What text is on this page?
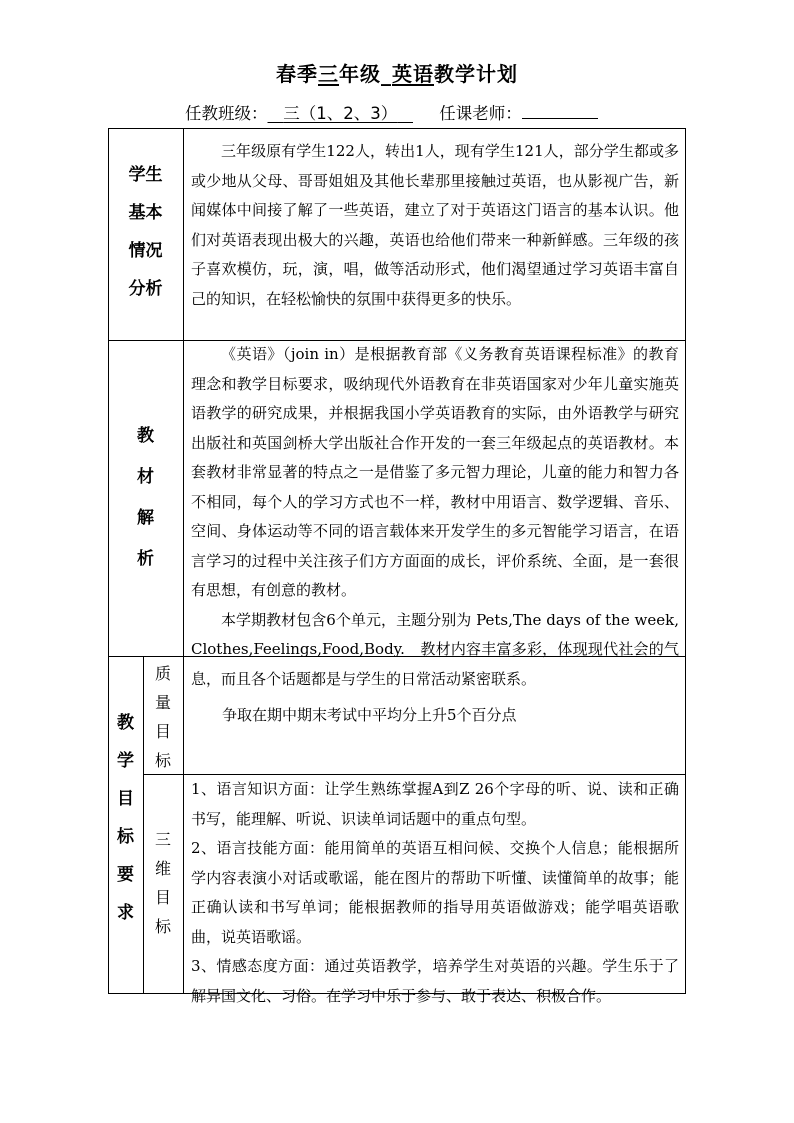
春季三年级_英语教学计划
任教班级： 三（1、2、3）	任课老师：
学生
基本
情况
分析

三年级原有学生122人，转出1人，现有学生121人，部分学生都或多或少地从父母、哥哥姐姐及其他长辈那里接触过英语，也从影视广告，新闻媒体中间接了解了一些英语，建立了对于英语这门语言的基本认识。他们对英语表现出极大的兴趣，英语也给他们带来一种新鲜感。三年级的孩子喜欢模仿，玩，演，唱，做等活动形式，他们渴望通过学习英语丰富自己的知识，在轻松愉快的氛围中获得更多的快乐。

教
材
解
析

《英语》（join in）是根据教育部《义务教育英语课程标准》的教育理念和教学目标要求，吸纳现代外语教育在非英语国家对少年儿童实施英语教学的研究成果，并根据我国小学英语教育的实际，由外语教学与研究出版社和英国剑桥大学出版社合作开发的一套三年级起点的英语教材。本套教材非常显著的特点之一是借鉴了多元智力理论，儿童的能力和智力各不相同，每个人的学习方式也不一样，教材中用语言、数学逻辑、音乐、空间、身体运动等不同的语言载体来开发学生的多元智能学习语言，在语言学习的过程中关注孩子们方方面面的成长，评价系统、全面，是一套很有思想，有创意的教材。

本学期教材包含6个单元，主题分别为 Pets,The days of the week, Clothes,Feelings,Food,Body.　教材内容丰富多彩，体现现代社会的气息，而且各个话题都是与学生的日常活动紧密联系。

教
学
目
标
要
求
质
量
目
标

争取在期中期末考试中平均分上升5个百分点

三
维
目
标

1、语言知识方面：让学生熟练掌握A到Z 26个字母的听、说、读和正确书写，能理解、听说、识读单词话题中的重点句型。

2、语言技能方面：能用简单的英语互相问候、交换个人信息；能根据所学内容表演小对话或歌谣，能在图片的帮助下听懂、读懂简单的故事；能正确认读和书写单词；能根据教师的指导用英语做游戏；能学唱英语歌曲，说英语歌谣。

3、情感态度方面：通过英语教学，培养学生对英语的兴趣。学生乐于了解异国文化、习俗。在学习中乐于参与、敢于表达、积极合作。
